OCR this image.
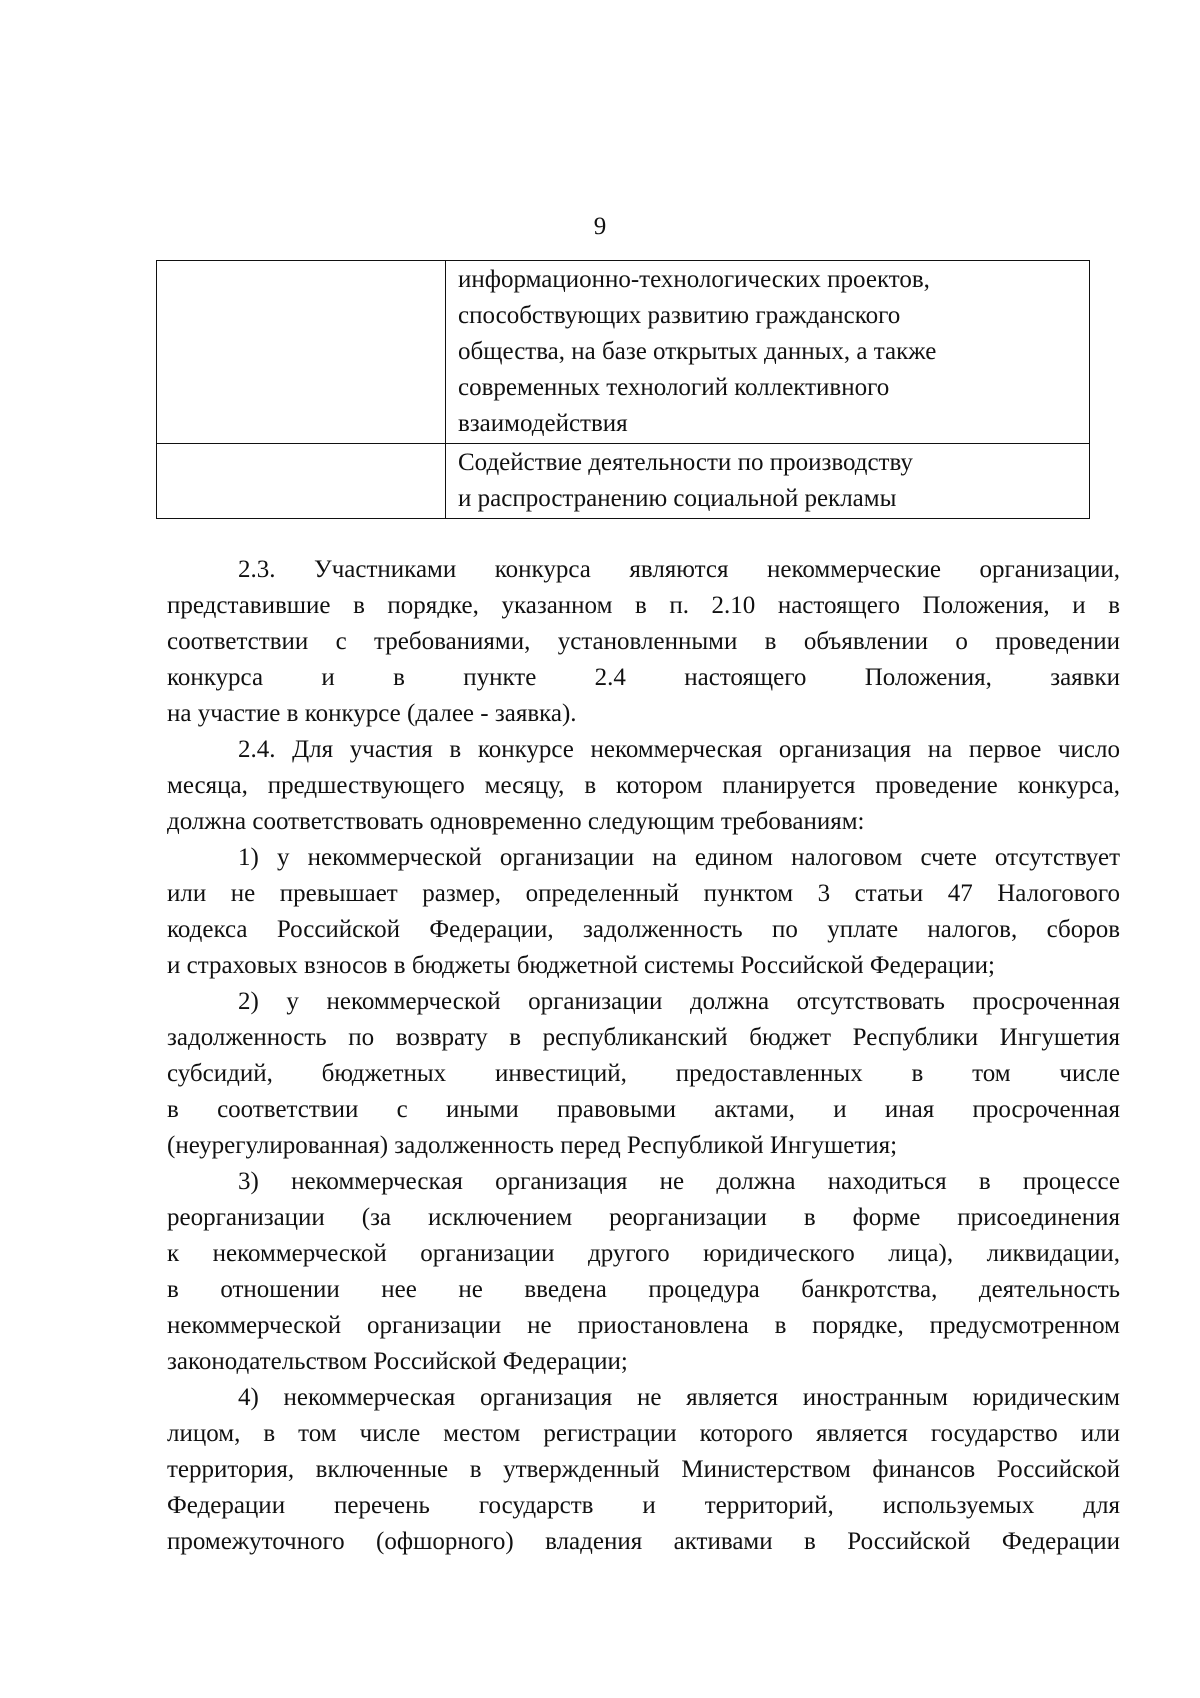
9

	информационно-технологических проектов,
способствующих развитию гражданского
общества, на базе открытых данных, а также
современных технологий коллективного
взаимодействия

	Содействие деятельности по производству
и распространению социальной рекламы
2.3. Участниками конкурса являются некоммерческие организации,
представившие в порядке, указанном в п. 2.10 настоящего Положения, и в
соответствии с требованиями, установленными в объявлении о проведении
конкурса и в пункте 2.4 настоящего Положения, заявки
на участие в конкурсе (далее - заявка).
2.4. Для участия в конкурсе некоммерческая организация на первое число
месяца, предшествующего месяцу, в котором планируется проведение конкурса,
должна соответствовать одновременно следующим требованиям:
1) у некоммерческой организации на едином налоговом счете отсутствует
или не превышает размер, определенный пунктом 3 статьи 47 Налогового
кодекса Российской Федерации, задолженность по уплате налогов, сборов
и страховых взносов в бюджеты бюджетной системы Российской Федерации;
2) у некоммерческой организации должна отсутствовать просроченная
задолженность по возврату в республиканский бюджет Республики Ингушетия
субсидий, бюджетных инвестиций, предоставленных в том числе
в соответствии с иными правовыми актами, и иная просроченная
(неурегулированная) задолженность перед Республикой Ингушетия;
3) некоммерческая организация не должна находиться в процессе
реорганизации (за исключением реорганизации в форме присоединения
к некоммерческой организации другого юридического лица), ликвидации,
в отношении нее не введена процедура банкротства, деятельность
некоммерческой организации не приостановлена в порядке, предусмотренном
законодательством Российской Федерации;
4) некоммерческая организация не является иностранным юридическим
лицом, в том числе местом регистрации которого является государство или
территория, включенные в утвержденный Министерством финансов Российской
Федерации перечень государств и территорий, используемых для
промежуточного (офшорного) владения активами в Российской Федерации
